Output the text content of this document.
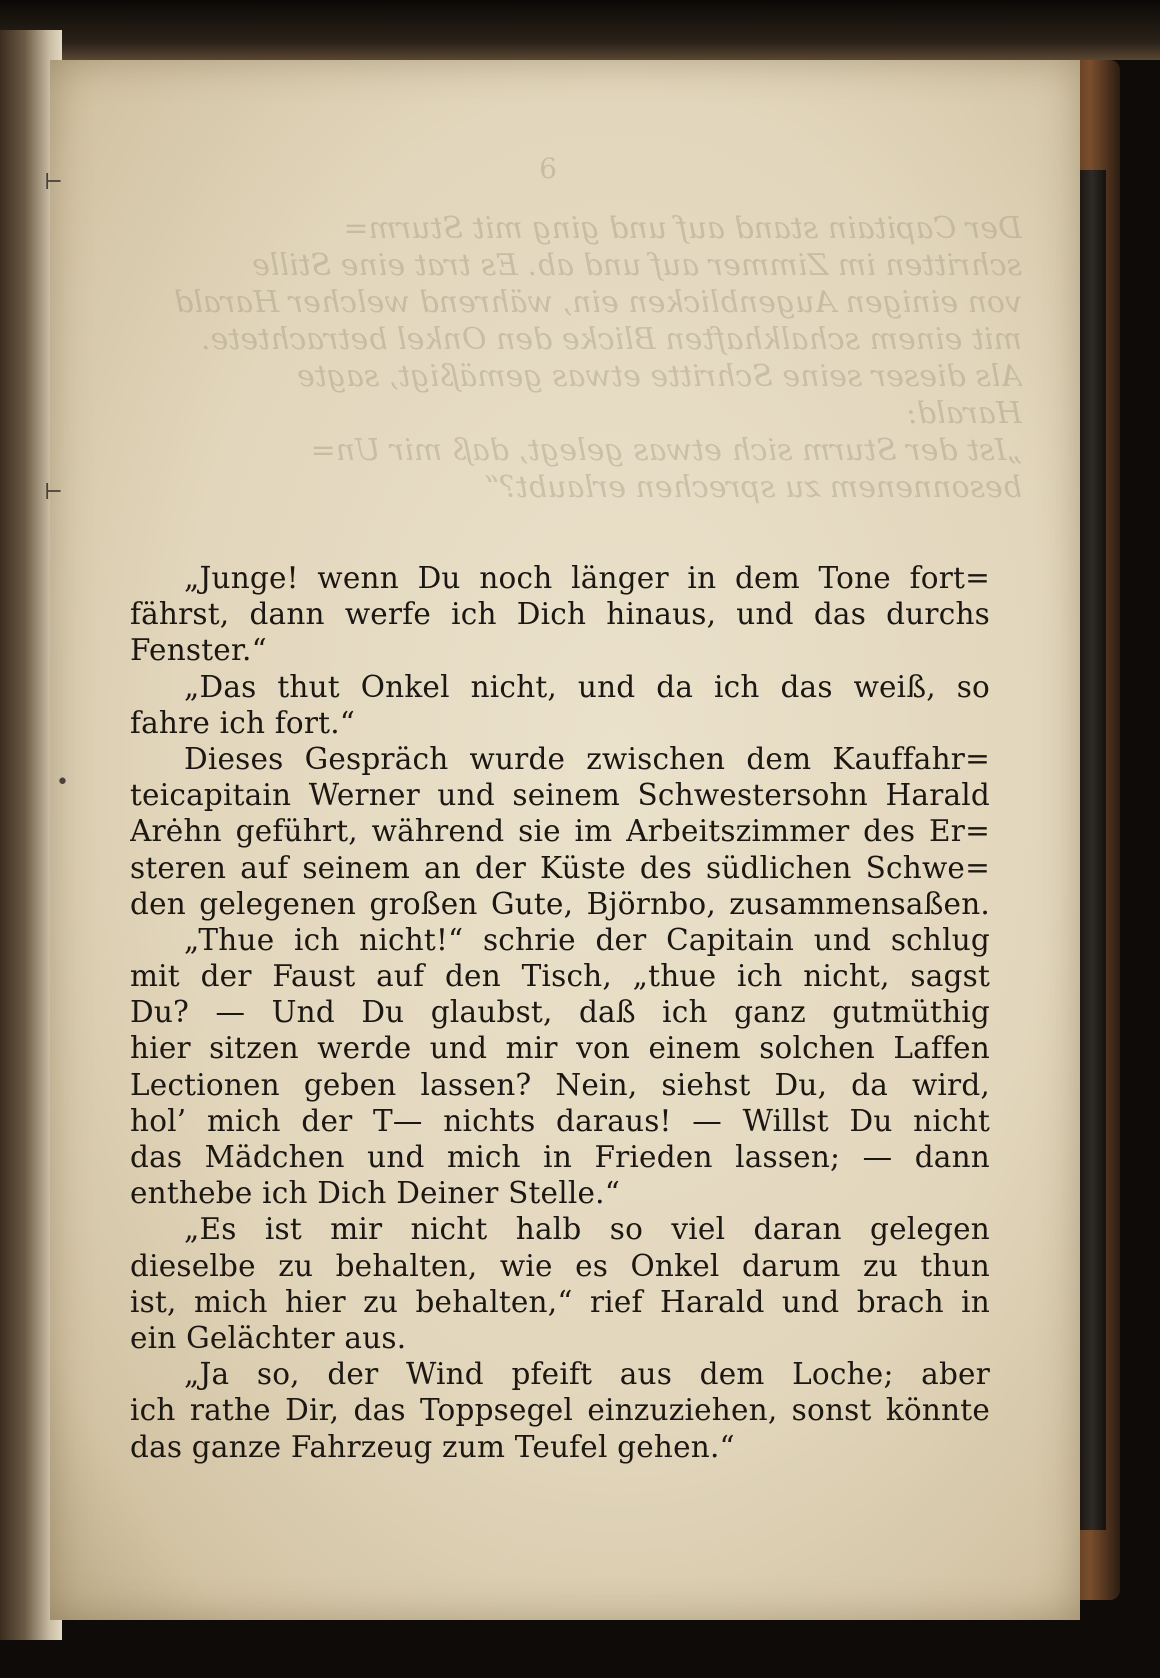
6
Der Capitain stand auf und ging mit Sturm=
schritten im Zimmer auf und ab. Es trat eine Stille
von einigen Augenblicken ein, während welcher Harald
mit einem schalkhaften Blicke den Onkel betrachtete.
Als dieser seine Schritte etwas gemäßigt, sagte
Harald:
„Ist der Sturm sich etwas gelegt, daß mir Un=
besonnenem zu sprechen erlaubt?“
„Junge! wenn Du noch länger in dem Tone fort=
fährst, dann werfe ich Dich hinaus, und das durchs
Fenster.“
„Das thut Onkel nicht, und da ich das weiß, so
fahre ich fort.“
Dieses Gespräch wurde zwischen dem Kauffahr=
teicapitain Werner und seinem Schwestersohn Harald
Arėhn geführt, während sie im Arbeitszimmer des Er=
steren auf seinem an der Küste des südlichen Schwe=
den gelegenen großen Gute, Björnbo, zusammensaßen.
„Thue ich nicht!“ schrie der Capitain und schlug
mit der Faust auf den Tisch, „thue ich nicht, sagst
Du? — Und Du glaubst, daß ich ganz gutmüthig
hier sitzen werde und mir von einem solchen Laffen
Lectionen geben lassen? Nein, siehst Du, da wird,
hol’ mich der T— nichts daraus! — Willst Du nicht
das Mädchen und mich in Frieden lassen; — dann
enthebe ich Dich Deiner Stelle.“
„Es ist mir nicht halb so viel daran gelegen
dieselbe zu behalten, wie es Onkel darum zu thun
ist, mich hier zu behalten,“ rief Harald und brach in
ein Gelächter aus.
„Ja so, der Wind pfeift aus dem Loche; aber
ich rathe Dir, das Toppsegel einzuziehen, sonst könnte
das ganze Fahrzeug zum Teufel gehen.“
⊢
⊢
•
